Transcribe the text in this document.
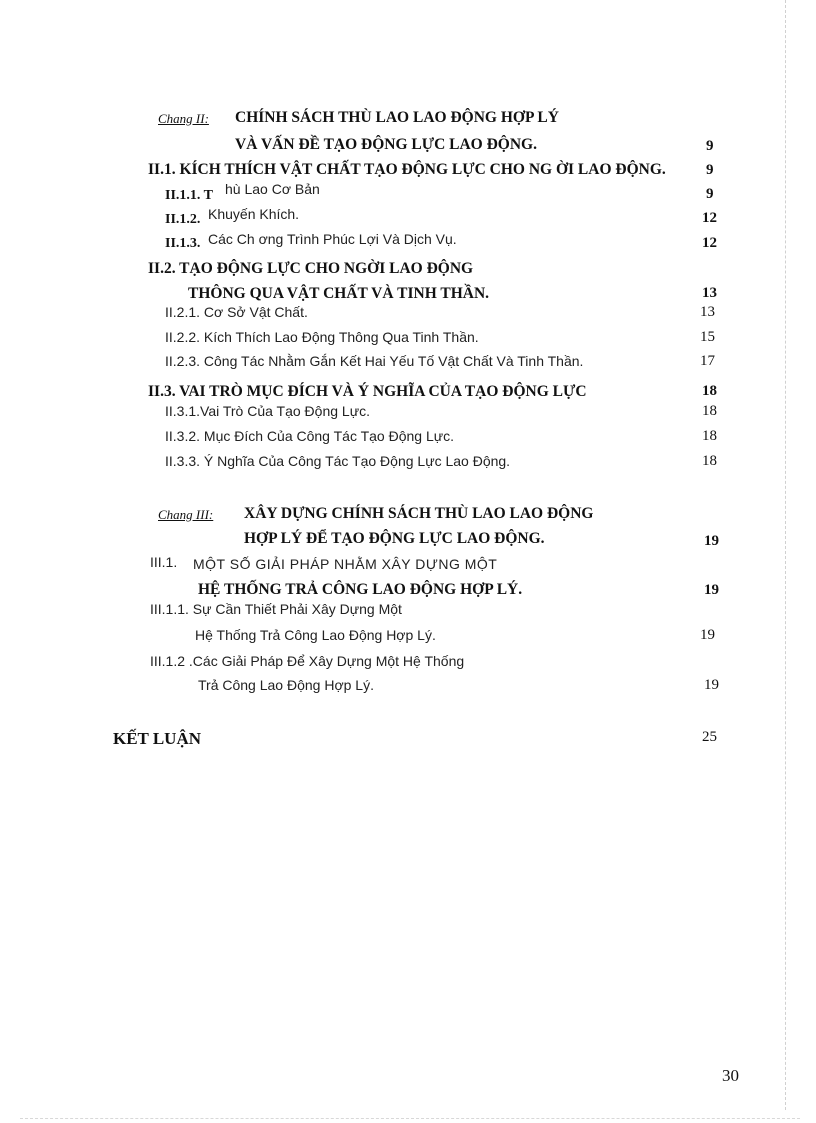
Chang II: CHÍNH SÁCH THÙ LAO LAO ĐỘNG HỢP LÝ
VÀ VẤN ĐỀ TẠO ĐỘNG LỰC LAO ĐỘNG.	9
II.1. KÍCH THÍCH VẬT CHẤT TẠO ĐỘNG LỰC CHO NG ỜI LAO ĐỘNG.	9
II.1.1. T hù Lao Cơ Bản	9
II.1.2. Khuyến Khích.	12
II.1.3. Các Ch ơng Trình Phúc Lợi Và Dịch Vụ.	12
II.2. TẠO ĐỘNG LỰC CHO NGỜI LAO ĐỘNG
THÔNG QUA VẬT CHẤT VÀ TINH THẦN.	13
II.2.1. Cơ Sở Vật Chất.	13
II.2.2. Kích Thích Lao Động Thông Qua Tinh Thần.	15
II.2.3. Công Tác Nhằm Gắn Kết Hai Yếu Tố Vật Chất Và Tinh Thần.	17
II.3. VAI TRÒ MỤC ĐÍCH VÀ Ý NGHĨA CỦA TẠO ĐỘNG LỰC	18
II.3.1.Vai Trò Của Tạo Động Lực.	18
II.3.2. Mục Đích Của Công Tác Tạo Động Lực.	18
II.3.3. Ý Nghĩa Của Công Tác Tạo Động Lực Lao Động.	18
Chang III: XÂY DỰNG CHÍNH SÁCH THÙ LAO LAO ĐỘNG
HỢP LÝ ĐỂ TẠO ĐỘNG LỰC LAO ĐỘNG.	19
III.1. MỘT SỐ GIẢI PHÁP NHẰM XÂY DỰNG MỘT
HỆ THỐNG TRẢ CÔNG LAO ĐỘNG HỢP LÝ.	19
III.1.1. Sự Cần Thiết Phải Xây Dựng Một
Hệ Thống Trả Công Lao Động Hợp Lý.	19
III.1.2 .Các Giải Pháp Để Xây Dựng Một Hệ Thống
Trả Công Lao Động Hợp Lý.	19
KẾT LUẬN	25
30
